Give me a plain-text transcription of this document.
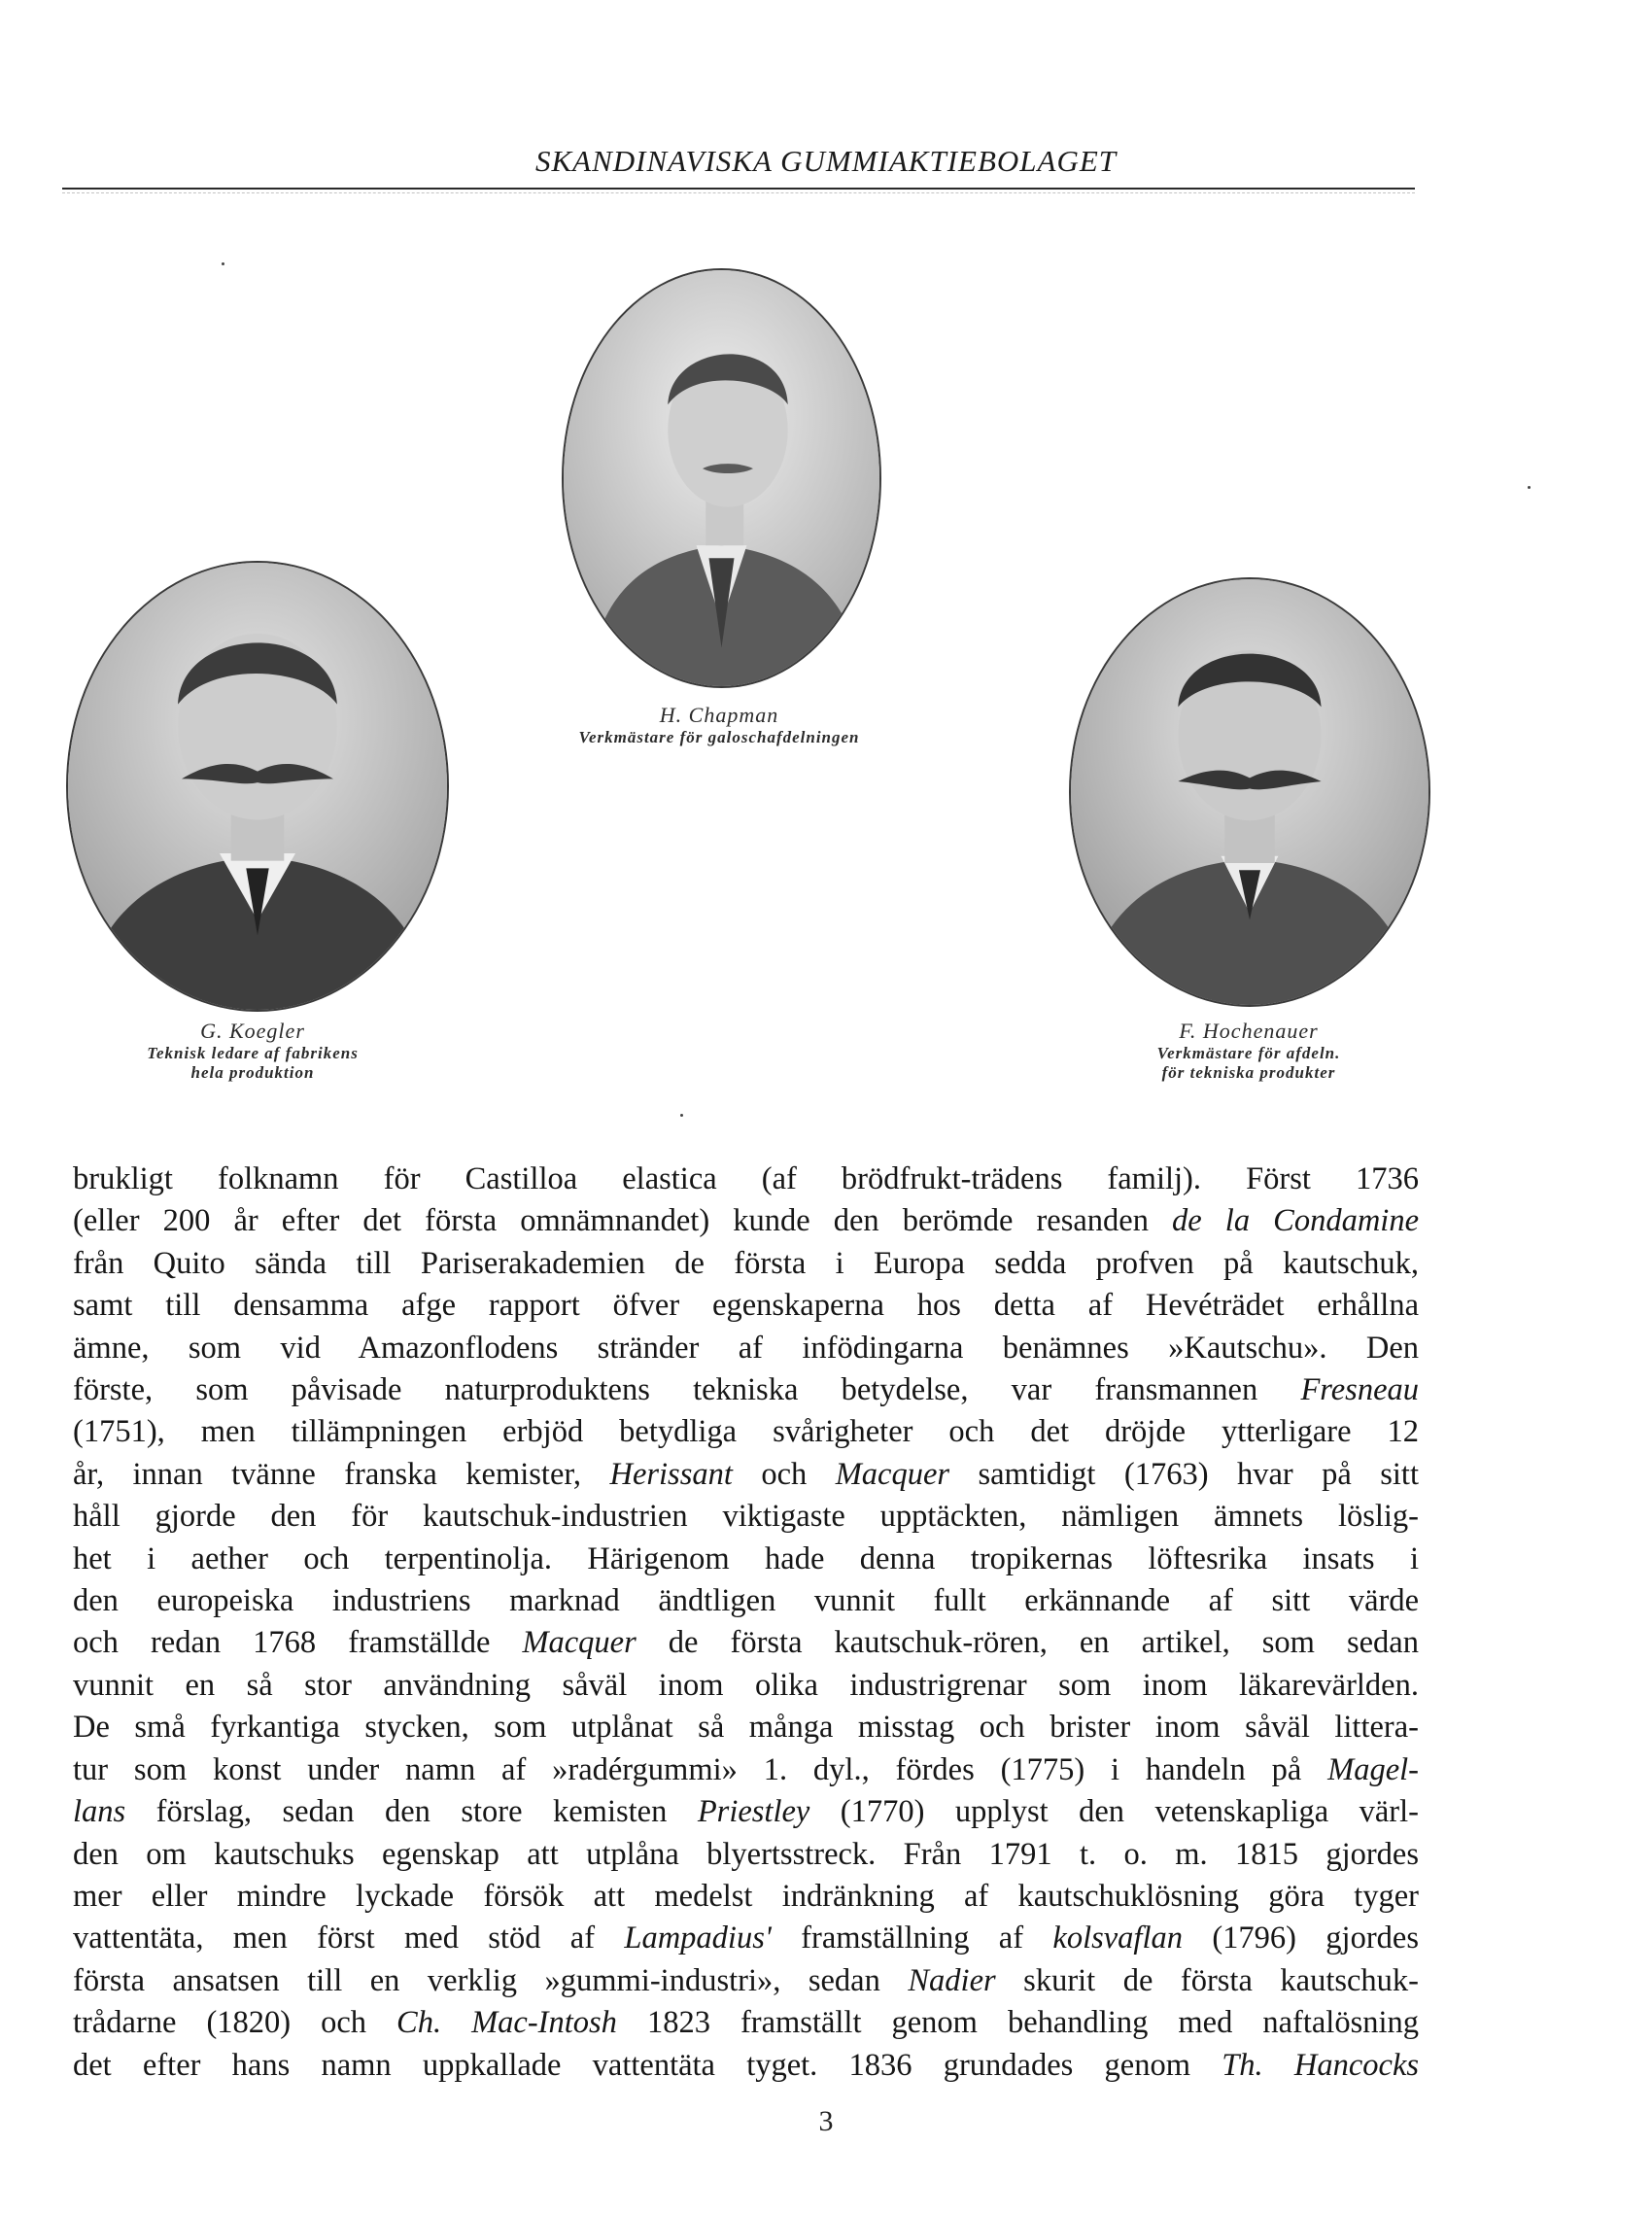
SKANDINAVISKA GUMMIAKTIEBOLAGET
H. Chapman
Verkmästare för galoschafdelningen
G. Koegler
Teknisk ledare af fabrikens
hela produktion
F. Hochenauer
Verkmästare för afdeln.
för tekniska produkter
brukligt folknamn för Castilloa elastica (af brödfrukt-trädens familj). Först 1736
(eller 200 år efter det första omnämnandet) kunde den berömde resanden de la Condamine
från Quito sända till Pariserakademien de första i Europa sedda profven på kautschuk,
samt till densamma afge rapport öfver egenskaperna hos detta af Hevéträdet erhållna
ämne, som vid Amazonflodens stränder af infödingarna benämnes »Kautschu». Den
förste, som påvisade naturproduktens tekniska betydelse, var fransmannen Fresneau
(1751), men tillämpningen erbjöd betydliga svårigheter och det dröjde ytterligare 12
år, innan tvänne franska kemister, Herissant och Macquer samtidigt (1763) hvar på sitt
håll gjorde den för kautschuk-industrien viktigaste upptäckten, nämligen ämnets löslig-
het i aether och terpentinolja. Härigenom hade denna tropikernas löftesrika insats i
den europeiska industriens marknad ändtligen vunnit fullt erkännande af sitt värde
och redan 1768 framställde Macquer de första kautschuk-rören, en artikel, som sedan
vunnit en så stor användning såväl inom olika industrigrenar som inom läkarevärlden.
De små fyrkantiga stycken, som utplånat så många misstag och brister inom såväl littera-
tur som konst under namn af »radérgummi» 1. dyl., fördes (1775) i handeln på Magel-
lans förslag, sedan den store kemisten Priestley (1770) upplyst den vetenskapliga värl-
den om kautschuks egenskap att utplåna blyertsstreck. Från 1791 t. o. m. 1815 gjordes
mer eller mindre lyckade försök att medelst indränkning af kautschuklösning göra tyger
vattentäta, men först med stöd af Lampadius' framställning af kolsvaflan (1796) gjordes
första ansatsen till en verklig »gummi-industri», sedan Nadier skurit de första kautschuk-
trådarne (1820) och Ch. Mac-Intosh 1823 framställt genom behandling med naftalösning
det efter hans namn uppkallade vattentäta tyget. 1836 grundades genom Th. Hancocks
3
